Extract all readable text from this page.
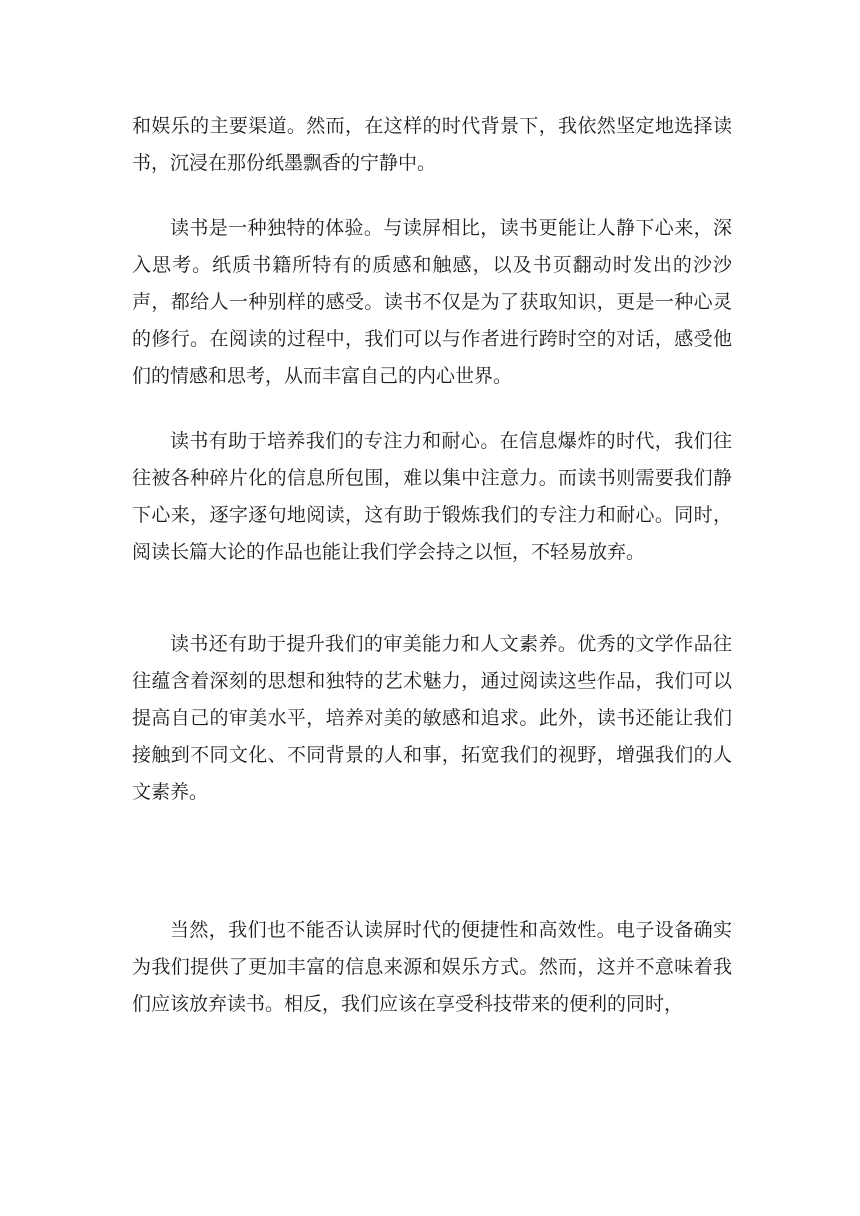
和娱乐的主要渠道。然而，在这样的时代背景下，我依然坚定地选择读书，沉浸在那份纸墨飘香的宁静中。

读书是一种独特的体验。与读屏相比，读书更能让人静下心来，深入思考。纸质书籍所特有的质感和触感，以及书页翻动时发出的沙沙声，都给人一种别样的感受。读书不仅是为了获取知识，更是一种心灵的修行。在阅读的过程中，我们可以与作者进行跨时空的对话，感受他们的情感和思考，从而丰富自己的内心世界。

读书有助于培养我们的专注力和耐心。在信息爆炸的时代，我们往往被各种碎片化的信息所包围，难以集中注意力。而读书则需要我们静下心来，逐字逐句地阅读，这有助于锻炼我们的专注力和耐心。同时，阅读长篇大论的作品也能让我们学会持之以恒，不轻易放弃。

读书还有助于提升我们的审美能力和人文素养。优秀的文学作品往往蕴含着深刻的思想和独特的艺术魅力，通过阅读这些作品，我们可以提高自己的审美水平，培养对美的敏感和追求。此外，读书还能让我们接触到不同文化、不同背景的人和事，拓宽我们的视野，增强我们的人文素养。

当然，我们也不能否认读屏时代的便捷性和高效性。电子设备确实为我们提供了更加丰富的信息来源和娱乐方式。然而，这并不意味着我们应该放弃读书。相反，我们应该在享受科技带来的便利的同时，
